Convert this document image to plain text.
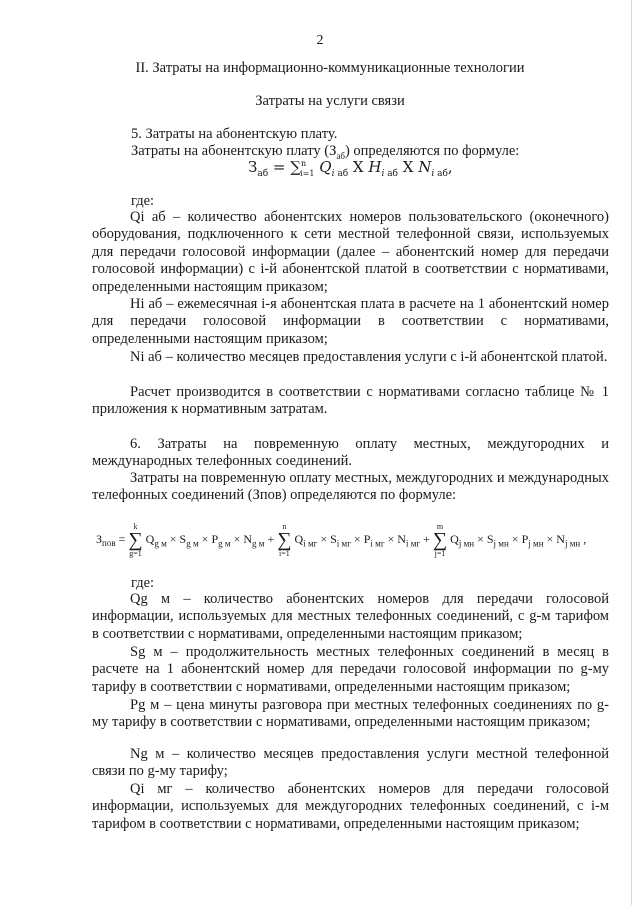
2
II. Затраты на информационно-коммуникационные технологии
Затраты на услуги связи
5. Затраты на абонентскую плату.
Затраты на абонентскую плату $(З_{аб})$ определяются по формуле:
$З_{аб} = \sum^n_{i=1}$ $Q_{i аб}$ X $H_{i аб}$ X $N_{i аб}$,
где:
Qi аб – количество абонентских номеров пользовательского (оконечного) оборудования, подключенного к сети местной телефонной связи, используемых для передачи голосовой информации (далее – абонентский номер для передачи голосовой информации) с i-й абонентской платой в соответствии с нормативами, определенными настоящим приказом;
Hi аб – ежемесячная i-я абонентская плата в расчете на 1 абонентский номер для передачи голосовой информации в соответствии с нормативами, определенными настоящим приказом;
Ni аб – количество месяцев предоставления услуги с i-й абонентской платой.
Расчет производится в соответствии с нормативами согласно таблице № 1 приложения к нормативным затратам.
6. Затраты на повременную оплату местных, междугородних и международных телефонных соединений.
Затраты на повременную оплату местных, междугородних и международных телефонных соединений (Зпов) определяются по формуле:
$З_{пов}$ =
k
∑
g=1
$Q_{g м} \times S_{g м} \times P_{g м} \times N_{g м}$ +
n
∑
i=1
$Q_{i мг} \times S_{i мг} \times P_{i мг} \times N_{i мг}$ +
m
∑
j=1
$Q_{j мн} \times S_{j мн} \times P_{j мн} \times N_{j мн}$ ,
где:
Qg м – количество абонентских номеров для передачи голосовой информации, используемых для местных телефонных соединений, с g-м тарифом в соответствии с нормативами, определенными настоящим приказом;
Sg м – продолжительность местных телефонных соединений в месяц в расчете на 1 абонентский номер для передачи голосовой информации по g-му тарифу в соответствии с нормативами, определенными настоящим приказом;
Pg м – цена минуты разговора при местных телефонных соединениях по g-му тарифу в соответствии с нормативами, определенными настоящим приказом;
Ng м – количество месяцев предоставления услуги местной телефонной связи по g-му тарифу;
Qi мг – количество абонентских номеров для передачи голосовой информации, используемых для междугородних телефонных соединений, с i-м тарифом в соответствии с нормативами, определенными настоящим приказом;
